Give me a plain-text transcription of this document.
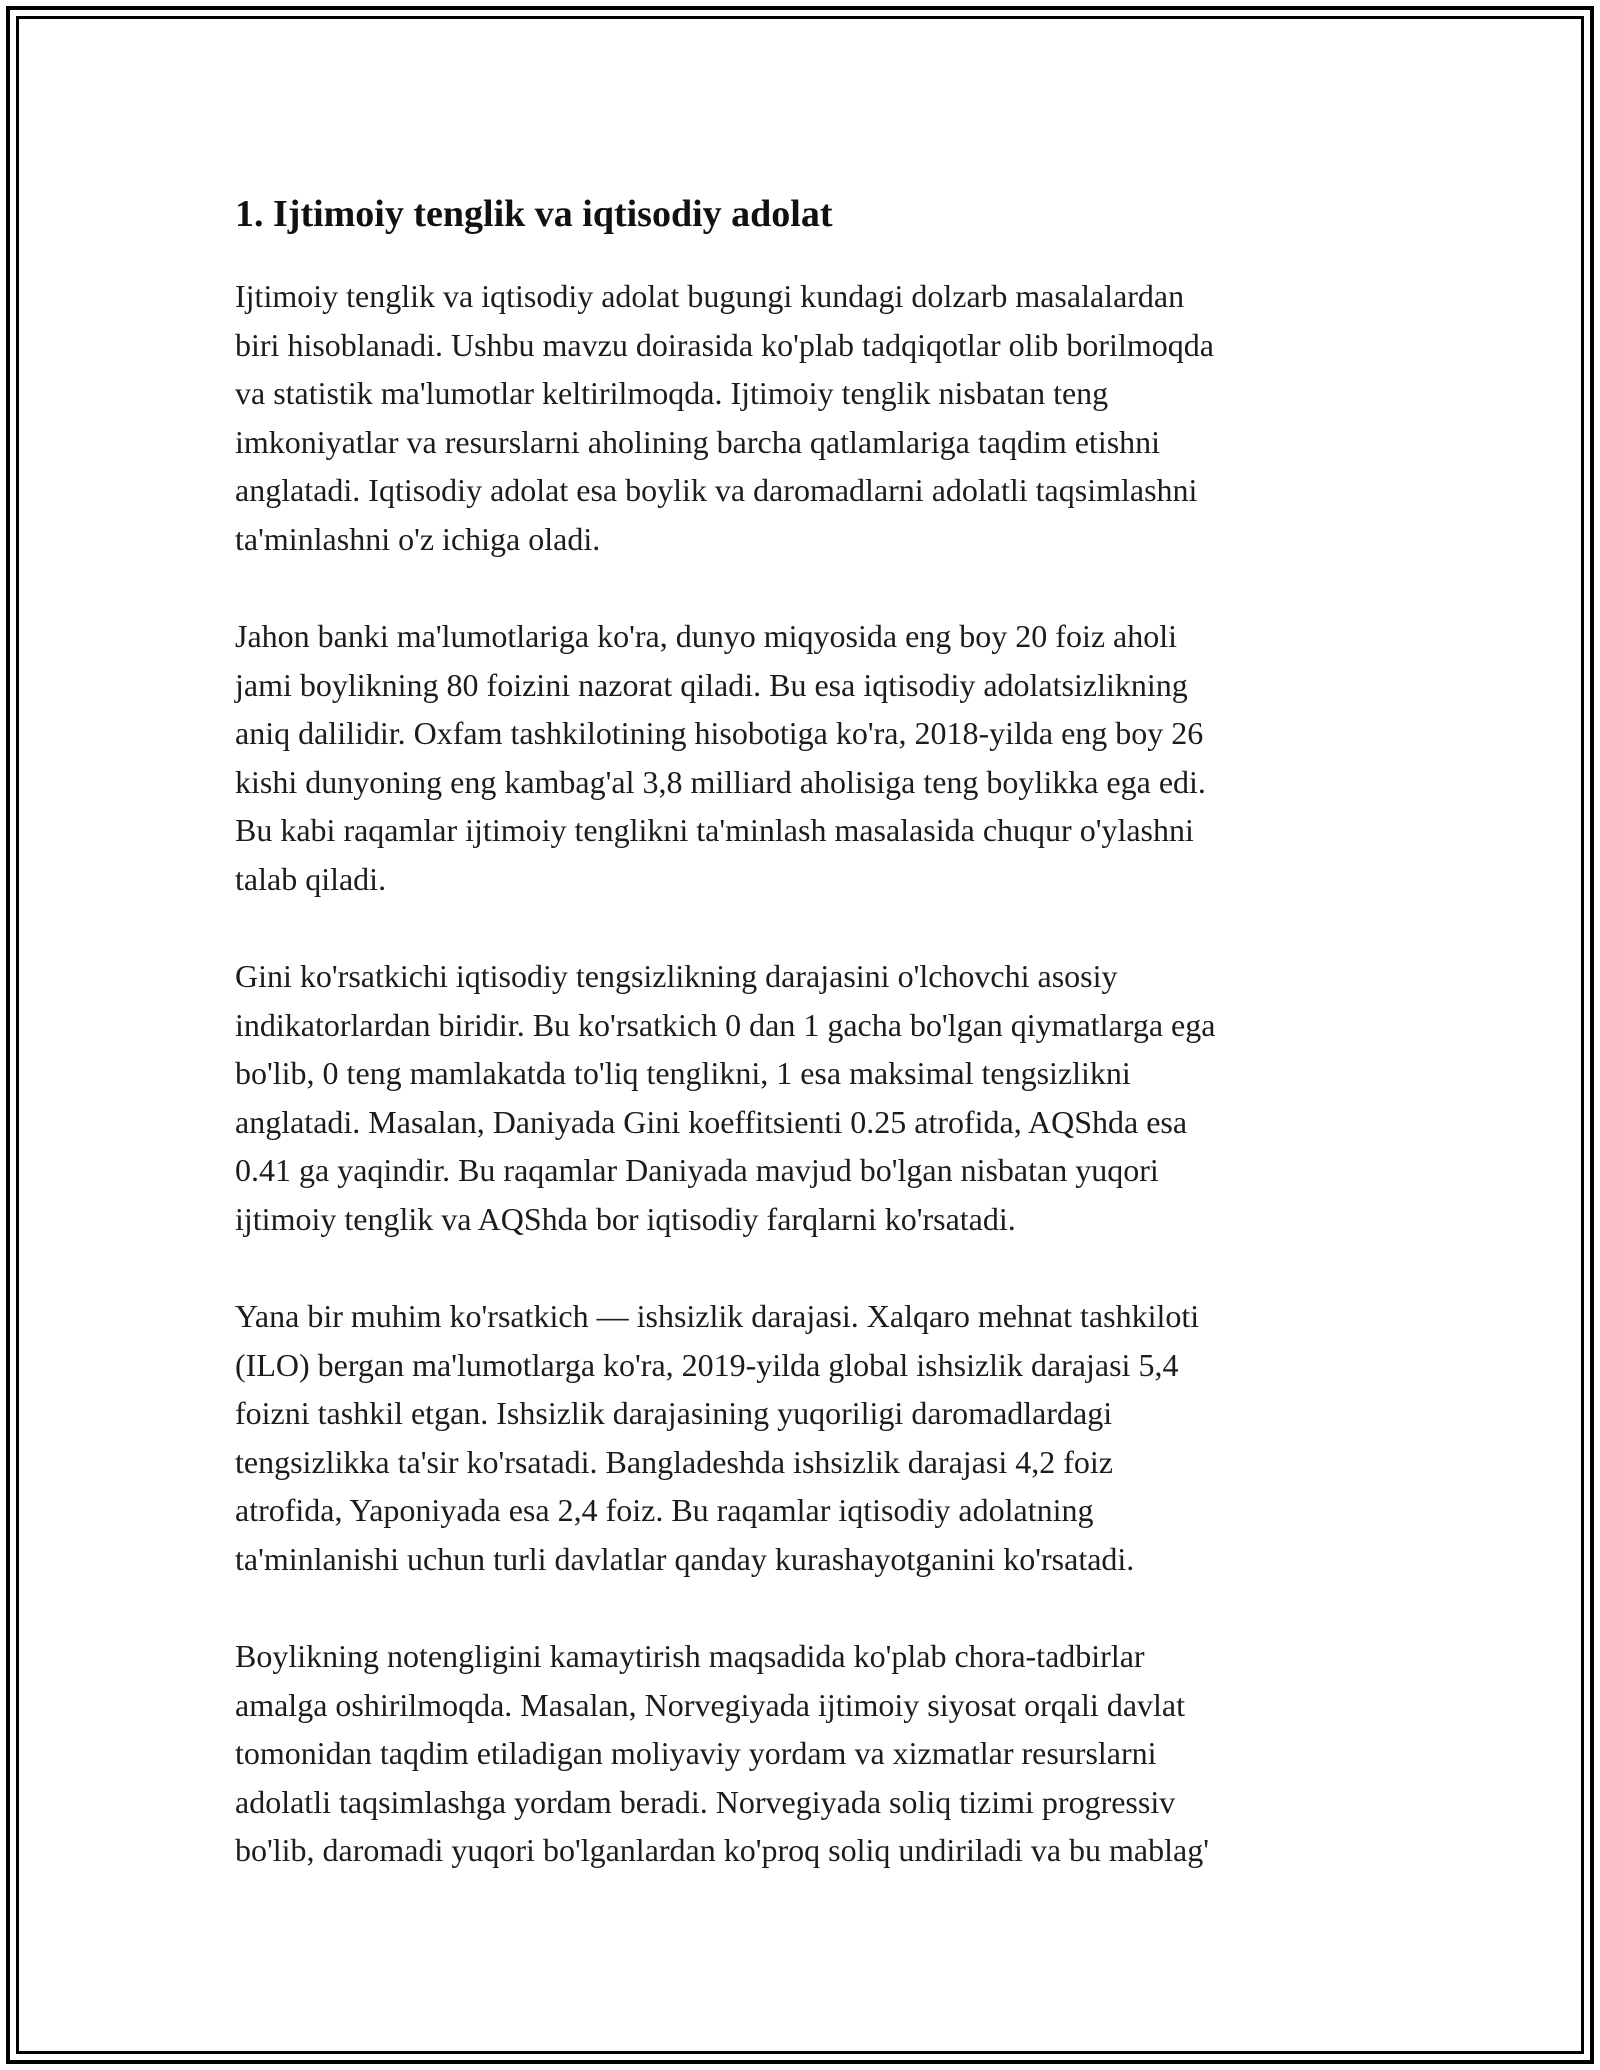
1. Ijtimoiy tenglik va iqtisodiy adolat

Ijtimoiy tenglik va iqtisodiy adolat bugungi kundagi dolzarb masalalardan
biri hisoblanadi. Ushbu mavzu doirasida ko'plab tadqiqotlar olib borilmoqda
va statistik ma'lumotlar keltirilmoqda. Ijtimoiy tenglik nisbatan teng
imkoniyatlar va resurslarni aholining barcha qatlamlariga taqdim etishni
anglatadi. Iqtisodiy adolat esa boylik va daromadlarni adolatli taqsimlashni
ta'minlashni o'z ichiga oladi.

Jahon banki ma'lumotlariga ko'ra, dunyo miqyosida eng boy 20 foiz aholi
jami boylikning 80 foizini nazorat qiladi. Bu esa iqtisodiy adolatsizlikning
aniq dalilidir. Oxfam tashkilotining hisobotiga ko'ra, 2018-yilda eng boy 26
kishi dunyoning eng kambag'al 3,8 milliard aholisiga teng boylikka ega edi.
Bu kabi raqamlar ijtimoiy tenglikni ta'minlash masalasida chuqur o'ylashni
talab qiladi.

Gini ko'rsatkichi iqtisodiy tengsizlikning darajasini o'lchovchi asosiy
indikatorlardan biridir. Bu ko'rsatkich 0 dan 1 gacha bo'lgan qiymatlarga ega
bo'lib, 0 teng mamlakatda to'liq tenglikni, 1 esa maksimal tengsizlikni
anglatadi. Masalan, Daniyada Gini koeffitsienti 0.25 atrofida, AQShda esa
0.41 ga yaqindir. Bu raqamlar Daniyada mavjud bo'lgan nisbatan yuqori
ijtimoiy tenglik va AQShda bor iqtisodiy farqlarni ko'rsatadi.

Yana bir muhim ko'rsatkich — ishsizlik darajasi. Xalqaro mehnat tashkiloti
(ILO) bergan ma'lumotlarga ko'ra, 2019-yilda global ishsizlik darajasi 5,4
foizni tashkil etgan. Ishsizlik darajasining yuqoriligi daromadlardagi
tengsizlikka ta'sir ko'rsatadi. Bangladeshda ishsizlik darajasi 4,2 foiz
atrofida, Yaponiyada esa 2,4 foiz. Bu raqamlar iqtisodiy adolatning
ta'minlanishi uchun turli davlatlar qanday kurashayotganini ko'rsatadi.

Boylikning notengligini kamaytirish maqsadida ko'plab chora-tadbirlar
amalga oshirilmoqda. Masalan, Norvegiyada ijtimoiy siyosat orqali davlat
tomonidan taqdim etiladigan moliyaviy yordam va xizmatlar resurslarni
adolatli taqsimlashga yordam beradi. Norvegiyada soliq tizimi progressiv
bo'lib, daromadi yuqori bo'lganlardan ko'proq soliq undiriladi va bu mablag'
